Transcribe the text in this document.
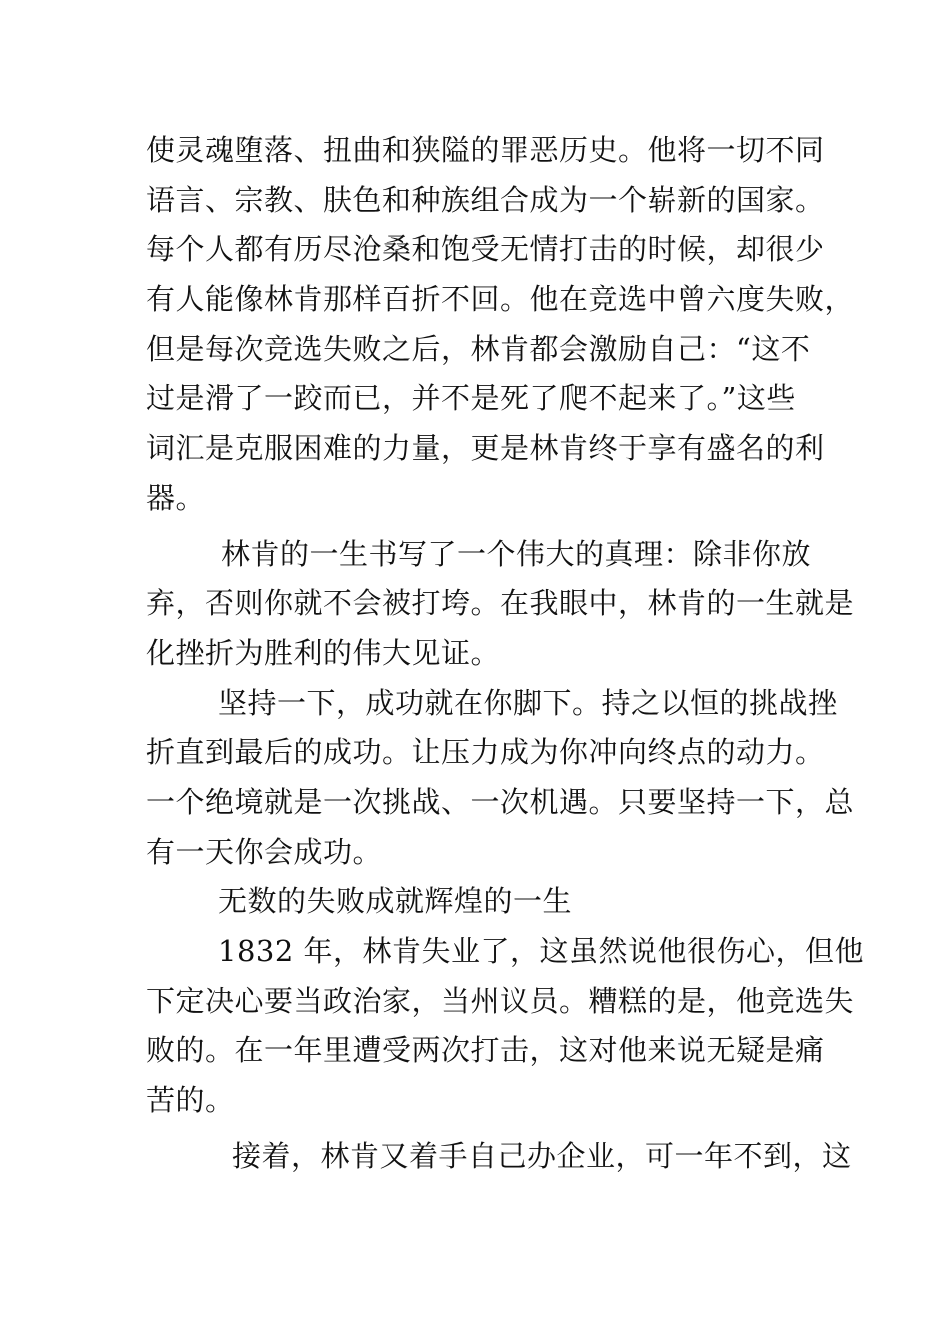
使灵魂堕落、扭曲和狭隘的罪恶历史。他将一切不同
语言、宗教、肤色和种族组合成为一个崭新的国家。
每个人都有历尽沧桑和饱受无情打击的时候，却很少
有人能像林肯那样百折不回。他在竞选中曾六度失败，
但是每次竞选失败之后，林肯都会激励自己：“这不
过是滑了一跤而已，并不是死了爬不起来了。”这些
词汇是克服困难的力量，更是林肯终于享有盛名的利
器。
林肯的一生书写了一个伟大的真理：除非你放
弃，否则你就不会被打垮。在我眼中，林肯的一生就是
化挫折为胜利的伟大见证。
坚持一下，成功就在你脚下。持之以恒的挑战挫
折直到最后的成功。让压力成为你冲向终点的动力。
一个绝境就是一次挑战、一次机遇。只要坚持一下，总
有一天你会成功。
无数的失败成就辉煌的一生
1832 年，林肯失业了，这虽然说他很伤心，但他
下定决心要当政治家，当州议员。糟糕的是，他竞选失
败的。在一年里遭受两次打击，这对他来说无疑是痛
苦的。
接着，林肯又着手自己办企业，可一年不到，这
